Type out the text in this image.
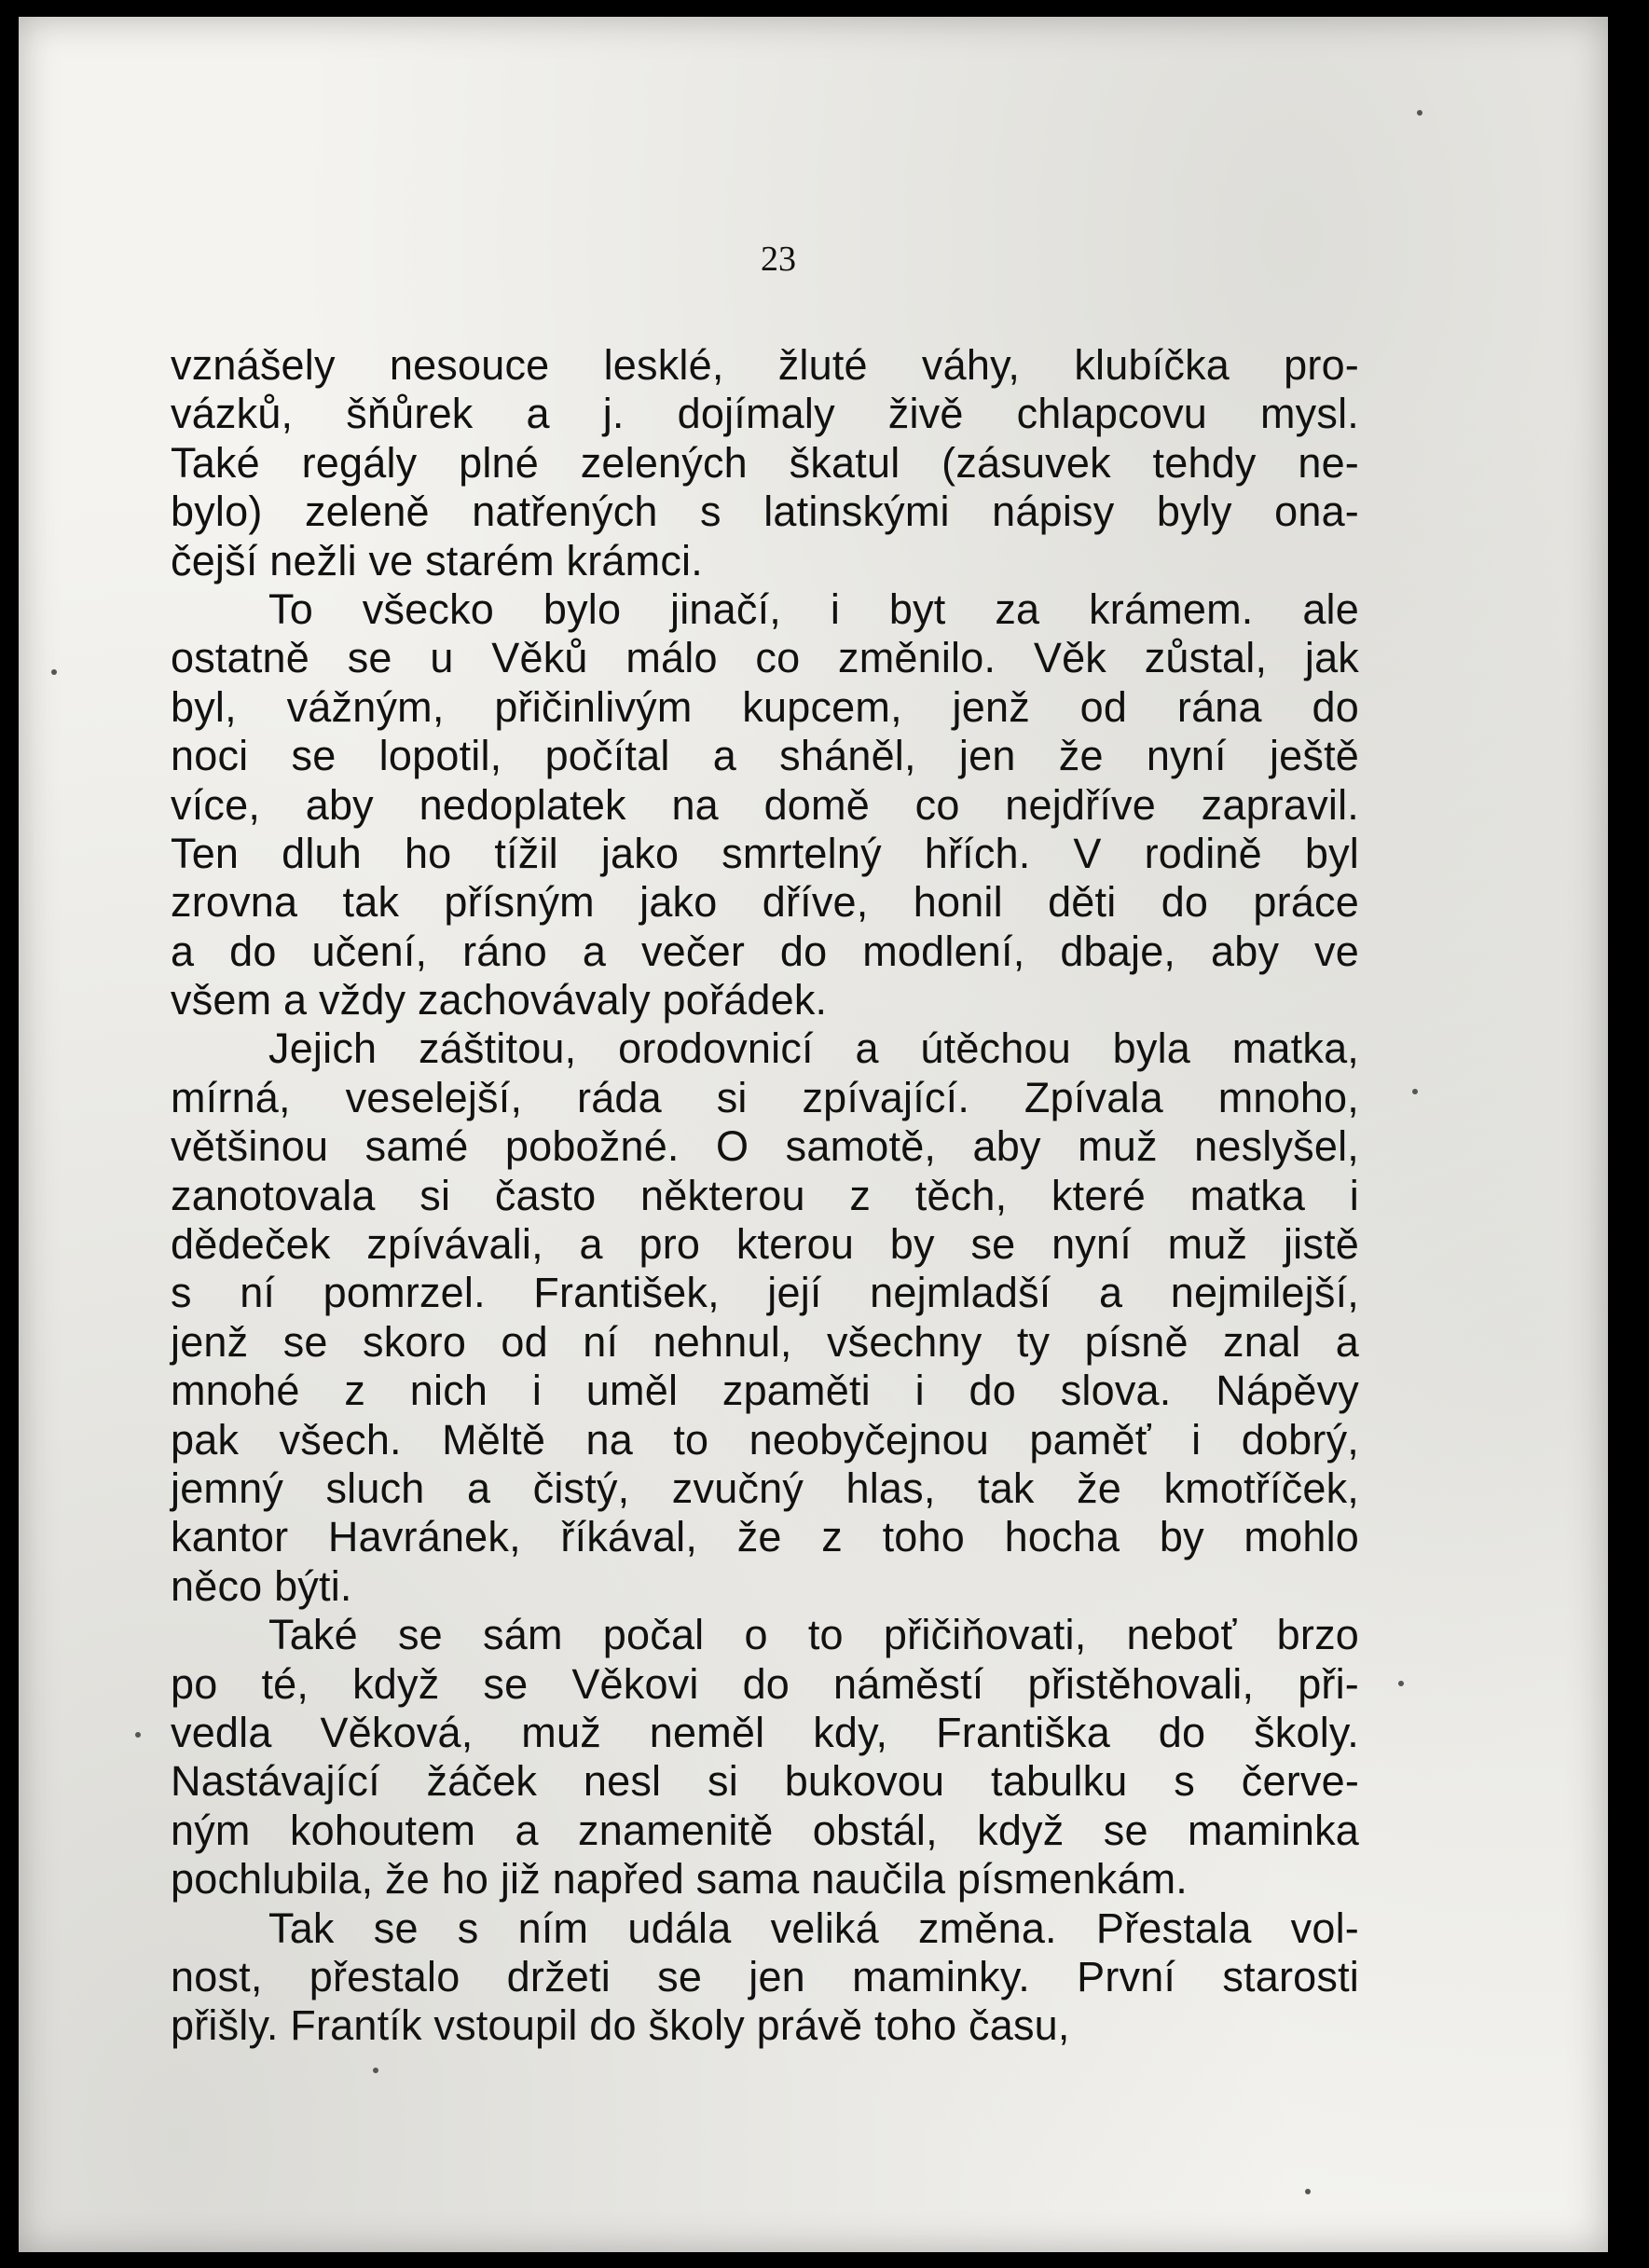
23
vznášely nesouce lesklé, žluté váhy, klubíčka pro-
vázků, šňůrek a j. dojímaly živě chlapcovu mysl.
Také regály plné zelených škatul (zásuvek tehdy ne-
bylo) zeleně natřených s latinskými nápisy byly ona-
čejší nežli ve starém krámci.
To všecko bylo jinačí, i byt za krámem. ale
ostatně se u Věků málo co změnilo. Věk zůstal, jak
byl, vážným, přičinlivým kupcem, jenž od rána do
noci se lopotil, počítal a sháněl, jen že nyní ještě
více, aby nedoplatek na domě co nejdříve zapravil.
Ten dluh ho tížil jako smrtelný hřích. V rodině byl
zrovna tak přísným jako dříve, honil děti do práce
a do učení, ráno a večer do modlení, dbaje, aby ve
všem a vždy zachovávaly pořádek.
Jejich záštitou, orodovnicí a útěchou byla matka,
mírná, veselejší, ráda si zpívající. Zpívala mnoho,
většinou samé pobožné. O samotě, aby muž neslyšel,
zanotovala si často některou z těch, které matka i
dědeček zpívávali, a pro kterou by se nyní muž jistě
s ní pomrzel. František, její nejmladší a nejmilejší,
jenž se skoro od ní nehnul, všechny ty písně znal a
mnohé z nich i uměl zpaměti i do slova. Nápěvy
pak všech. Měltě na to neobyčejnou paměť i dobrý,
jemný sluch a čistý, zvučný hlas, tak že kmotříček,
kantor Havránek, říkával, že z toho hocha by mohlo
něco býti.
Také se sám počal o to přičiňovati, neboť brzo
po té, když se Věkovi do náměstí přistěhovali, při-
vedla Věková, muž neměl kdy, Františka do školy.
Nastávající žáček nesl si bukovou tabulku s červe-
ným kohoutem a znamenitě obstál, když se maminka
pochlubila, že ho již napřed sama naučila písmenkám.
Tak se s ním udála veliká změna. Přestala vol-
nost, přestalo držeti se jen maminky. První starosti
přišly. Frantík vstoupil do školy právě toho času,
